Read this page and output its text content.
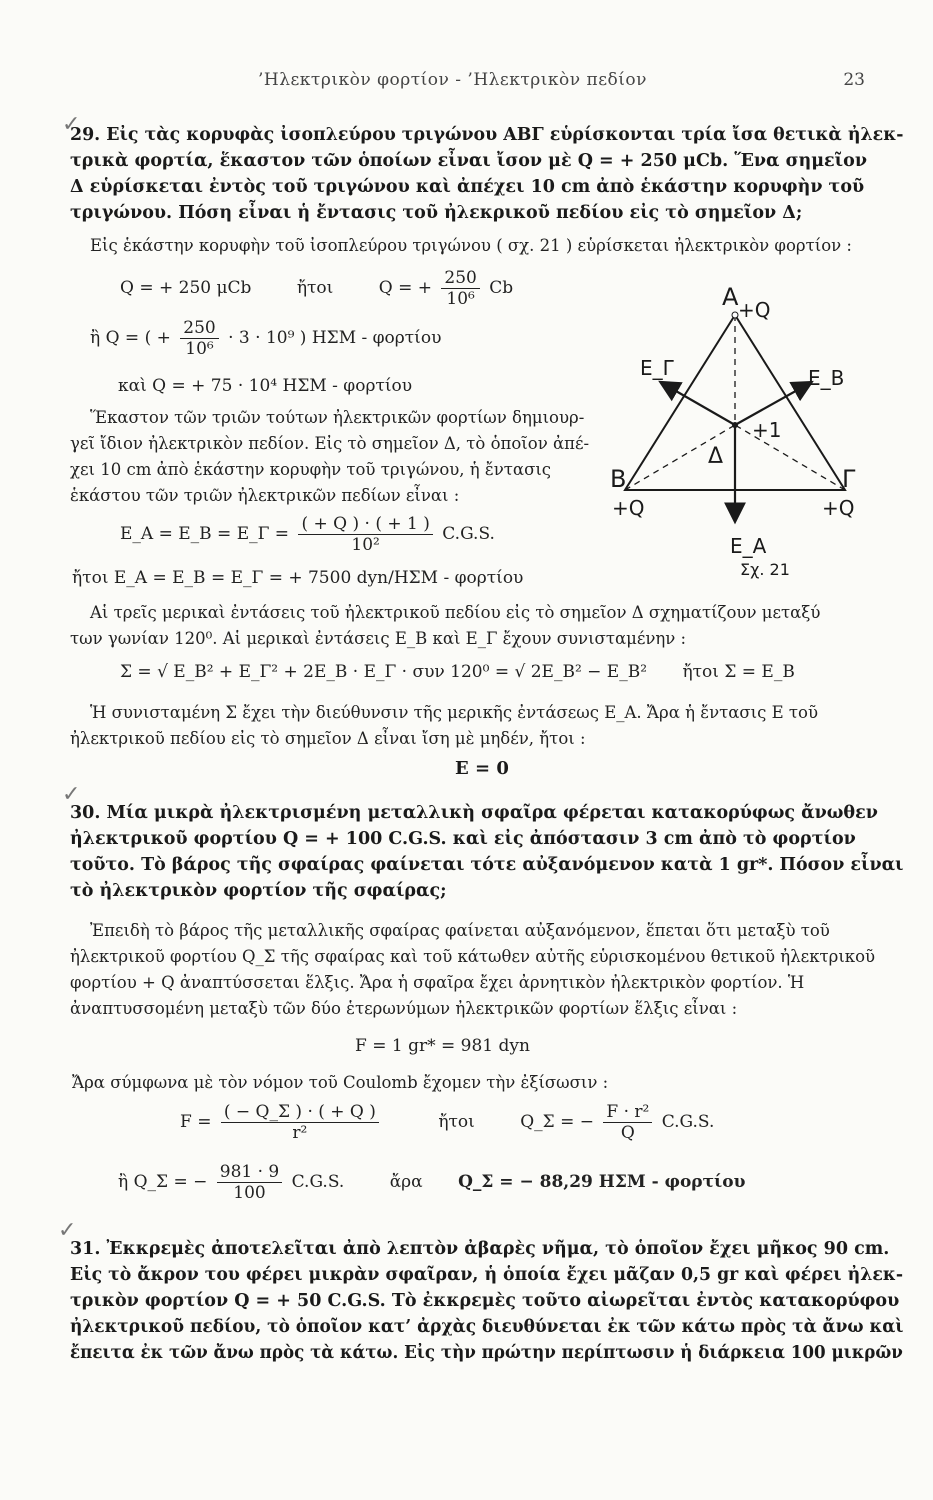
’Ηλεκτρικὸν φορτίον - ’Ηλεκτρικὸν πεδίον	23
✓
29. Εἰς τὰς κορυφὰς ἰσοπλεύρου τριγώνου ΑΒΓ εὑρίσκονται τρία ἴσα θετικὰ ἠλεκ-
τρικὰ φορτία, ἕκαστον τῶν ὁποίων εἶναι ἴσον μὲ Q = + 250 μCb. Ἕνα σημεῖον
Δ εὑρίσκεται ἐντὸς τοῦ τριγώνου καὶ ἀπέχει 10 cm ἀπὸ ἑκάστην κορυφὴν τοῦ
τριγώνου. Πόση εἶναι ἡ ἔντασις τοῦ ἠλεκρικοῦ πεδίου εἰς τὸ σημεῖον Δ;
Εἰς ἑκάστην κορυφὴν τοῦ ἰσοπλεύρου τριγώνου ( σχ. 21 ) εὑρίσκεται ἠλεκτρικὸν φορτίον :
Q = + 250 μCb	ἤτοι	Q = + $\frac{250}{\text{10⁶}}$ Cb
ἢ Q = ( + $\frac{250}{\text{10⁶}} \cdot 3 \cdot 10^9$ ) ΗΣΜ - φορτίου
καὶ Q = + 75 · 10⁴ ΗΣΜ - φορτίου
Ἕκαστον τῶν τριῶν τούτων ἠλεκτρικῶν φορτίων δημιουρ-
γεῖ ἴδιον ἠλεκτρικὸν πεδίον. Εἰς τὸ σημεῖον Δ, τὸ ὁποῖον ἀπέ-
χει 10 cm ἀπὸ ἑκάστην κορυφὴν τοῦ τριγώνου, ἡ ἔντασις
ἑκάστου τῶν τριῶν ἠλεκτρικῶν πεδίων εἶναι :
E_A = E_B = E_Γ = $\frac{( + Q ) \cdot ( + 1 )}{\text{10²}} C.G.S$.
ἤτοι E_A = E_B = E_Γ = + 7500 dyn/ΗΣΜ - φορτίου
Αἱ τρεῖς μερικαὶ ἐντάσεις τοῦ ἠλεκτρικοῦ πεδίου εἰς τὸ σημεῖον Δ σχηματίζουν μεταξύ
των γωνίαν 120⁰. Αἱ μερικαὶ ἐντάσεις E_B καὶ E_Γ ἔχουν συνισταμένην :
Σ = √ E_B² + E_Γ² + 2E_B · E_Γ · συν 120⁰ = √ 2E_B² − E_B² ἤτοι Σ = E_B
Ἡ συνισταμένη Σ ἔχει τὴν διεύθυνσιν τῆς μερικῆς ἐντάσεως E_A. Ἄρα ἡ ἔντασις E τοῦ
ἠλεκτρικοῦ πεδίου εἰς τὸ σημεῖον Δ εἶναι ἴση μὲ μηδέν, ἤτοι :
E = 0
A +Q
B
+Q
Γ
+Q
Δ
+1
E_A
E_B
E_Γ
Σχ. 21
✓
30. Μία μικρὰ ἠλεκτρισμένη μεταλλικὴ σφαῖρα φέρεται κατακορύφως ἄνωθεν
ἠλεκτρικοῦ φορτίου Q = + 100 C.G.S. καὶ εἰς ἀπόστασιν 3 cm ἀπὸ τὸ φορτίον
τοῦτο. Τὸ βάρος τῆς σφαίρας φαίνεται τότε αὐξανόμενον κατὰ 1 gr*. Πόσον εἶναι
τὸ ἠλεκτρικὸν φορτίον τῆς σφαίρας;
Ἐπειδὴ τὸ βάρος τῆς μεταλλικῆς σφαίρας φαίνεται αὐξανόμενον, ἕπεται ὅτι μεταξὺ τοῦ
ἠλεκτρικοῦ φορτίου Q_Σ τῆς σφαίρας καὶ τοῦ κάτωθεν αὐτῆς εὑρισκομένου θετικοῦ ἠλεκτρικοῦ
φορτίου + Q ἀναπτύσσεται ἕλξις. Ἄρα ἡ σφαῖρα ἔχει ἀρνητικὸν ἠλεκτρικὸν φορτίον. Ἡ
ἀναπτυσσομένη μεταξὺ τῶν δύο ἑτερωνύμων ἠλεκτρικῶν φορτίων ἕλξις εἶναι :
F = 1 gr* = 981 dyn
Ἄρα σύμφωνα μὲ τὸν νόμον τοῦ Coulomb ἔχομεν τὴν ἐξίσωσιν :
$F = \frac{( - Q\_\Sigma ) \cdot ( + Q )}{\text{r²}}$	ἤτοι	Q_Σ = − $\frac{\text{F · r²}}{Q} C.G.S$.
ἢ Q_Σ = − $\frac{981 \cdot 9}{100} C.G.S$.	ἄρα Q_Σ = − 88,29 ΗΣΜ - φορτίου
✓
31. Ἐκκρεμὲς ἀποτελεῖται ἀπὸ λεπτὸν ἀβαρὲς νῆμα, τὸ ὁποῖον ἔχει μῆκος 90 cm.
Εἰς τὸ ἄκρον του φέρει μικρὰν σφαῖραν, ἡ ὁποία ἔχει μᾶζαν 0,5 gr καὶ φέρει ἠλεκ-
τρικὸν φορτίον Q = + 50 C.G.S. Τὸ ἐκκρεμὲς τοῦτο αἰωρεῖται ἐντὸς κατακορύφου
ἠλεκτρικοῦ πεδίου, τὸ ὁποῖον κατ’ ἀρχὰς διευθύνεται ἐκ τῶν κάτω πρὸς τὰ ἄνω καὶ
ἔπειτα ἐκ τῶν ἄνω πρὸς τὰ κάτω. Εἰς τὴν πρώτην περίπτωσιν ἡ διάρκεια 100 μικρῶν
